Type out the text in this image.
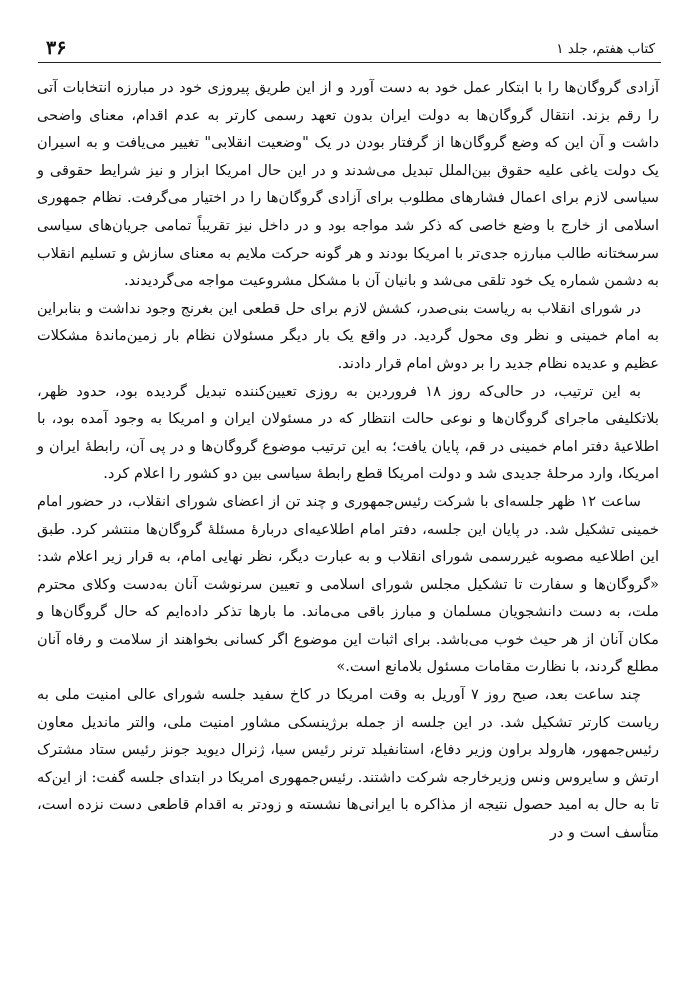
۳۶	کتاب هفتم، جلد ۱

آزادی گروگان‌ها را با ابتکار عمل خود به دست آورد و از این طریق پیروزی خود در مبارزه انتخابات آتی را رقم بزند. انتقال گروگان‌ها به دولت ایران بدون تعهد رسمی کارتر به عدم اقدام، معنای واضحی داشت و آن این که وضع گروگان‌ها از گرفتار بودن در یک "وضعیت انقلابی" تغییر می‌یافت و به اسیران یک دولت یاغی علیه حقوق بین‌الملل تبدیل می‌شدند و در این حال امریکا ابزار و نیز شرایط حقوقی و سیاسی لازم برای اعمال فشارهای مطلوب برای آزادی گروگان‌ها را در اختیار می‌گرفت. نظام جمهوری اسلامی از خارج با وضع خاصی که ذکر شد مواجه بود و در داخل نیز تقریباً تمامی جریان‌های سیاسی سرسختانه طالب مبارزه جدی‌تر با امریکا بودند و هر گونه حرکت ملایم به معنای سازش و تسلیم انقلاب به دشمن شماره یک خود تلقی می‌شد و بانیان آن با مشکل مشروعیت مواجه می‌گردیدند.

در شورای انقلاب به ریاست بنی‌صدر، کشش لازم برای حل قطعی این بغرنج وجود نداشت و بنابراین به امام خمینی و نظر وی محول گردید. در واقع یک بار دیگر مسئولان نظام بار زمین‌ماندهٔ مشکلات عظیم و عدیده نظام جدید را بر دوش امام قرار دادند.

به این ترتیب، در حالی‌که روز ۱۸ فروردین به روزی تعیین‌کننده تبدیل گردیده بود، حدود ظهر، بلاتکلیفی ماجرای گروگان‌ها و نوعی حالت انتظار که در مسئولان ایران و امریکا به وجود آمده بود، با اطلاعیهٔ دفتر امام خمینی در قم، پایان یافت؛ به این ترتیب موضوع گروگان‌ها و در پی آن، رابطهٔ ایران و امریکا، وارد مرحلهٔ جدیدی شد و دولت امریکا قطع رابطهٔ سیاسی بین دو کشور را اعلام کرد.

ساعت ۱۲ ظهر جلسه‌ای با شرکت رئیس‌جمهوری و چند تن از اعضای شورای انقلاب، در حضور امام خمینی تشکیل شد. در پایان این جلسه، دفتر امام اطلاعیه‌ای دربارهٔ مسئلهٔ گروگان‌ها منتشر کرد. طبق این اطلاعیه مصوبه غیررسمی شورای انقلاب و به عبارت دیگر، نظر نهایی امام، به قرار زیر اعلام شد: «گروگان‌ها و سفارت تا تشکیل مجلس شورای اسلامی و تعیین سرنوشت آنان به‌دست وکلای محترم ملت، به دست دانشجویان مسلمان و مبارز باقی می‌ماند. ما بارها تذکر داده‌ایم که حال گروگان‌ها و مکان آنان از هر حیث خوب می‌باشد. برای اثبات این موضوع اگر کسانی بخواهند از سلامت و رفاه آنان مطلع گردند، با نظارت مقامات مسئول بلامانع است.»

چند ساعت بعد، صبح روز ۷ آوریل به وقت امریکا در کاخ سفید جلسه شورای عالی امنیت ملی به ریاست کارتر تشکیل شد. در این جلسه از جمله برژینسکی مشاور امنیت ملی، والتر ماندیل معاون رئیس‌جمهور، هارولد براون وزیر دفاع، استانفیلد ترنر رئیس سیا، ژنرال دیوید جونز رئیس ستاد مشترک ارتش و سایروس ونس وزیرخارجه شرکت داشتند. رئیس‌جمهوری امریکا در ابتدای جلسه گفت: از این‌که تا به حال به امید حصول نتیجه از مذاکره با ایرانی‌ها نشسته و زودتر به اقدام قاطعی دست نزده است، متأسف است و در
